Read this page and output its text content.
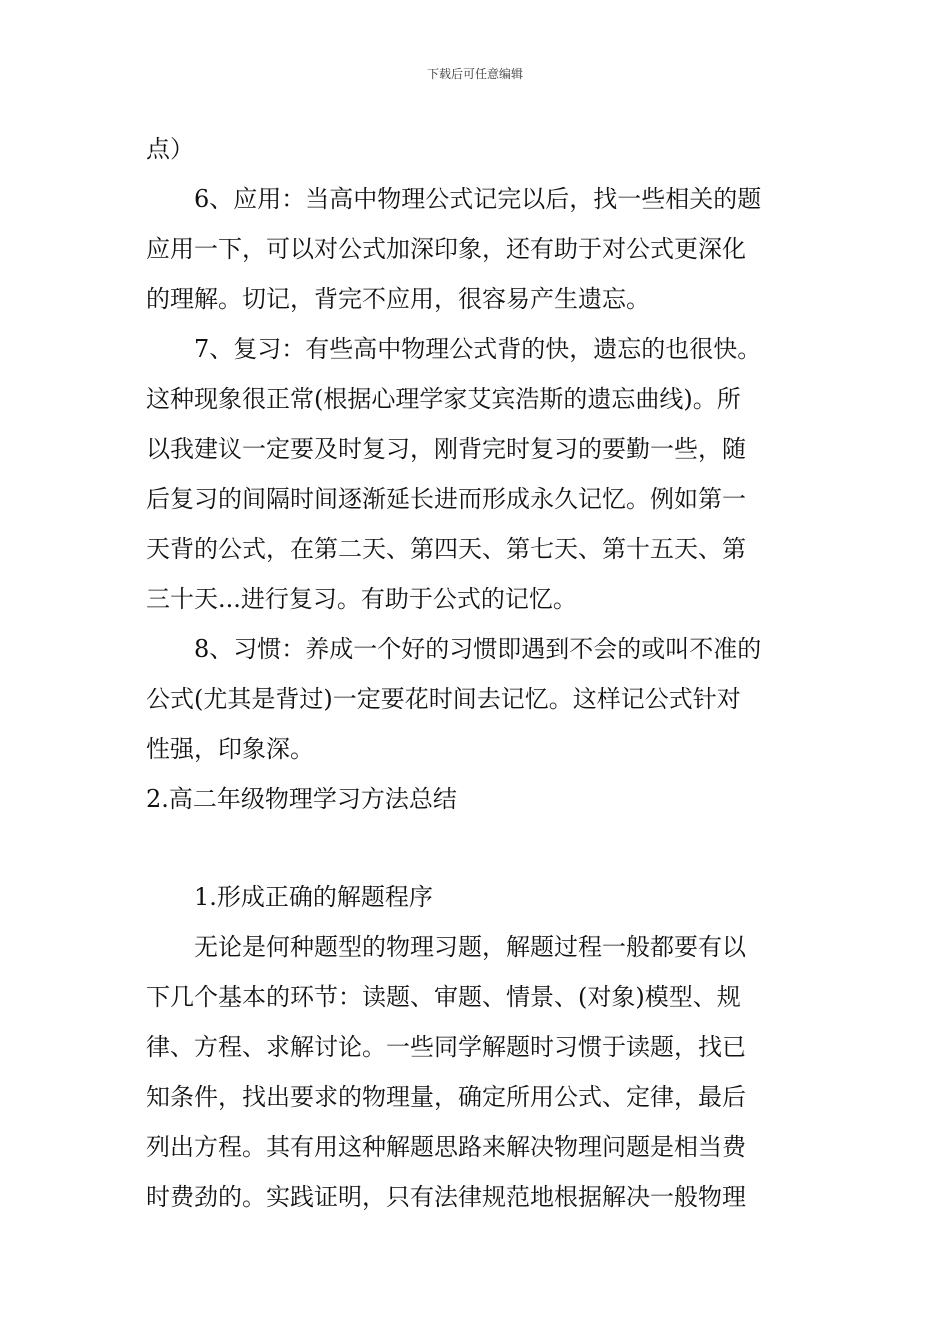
下载后可任意编辑
点）
6、应用：当高中物理公式记完以后，找一些相关的题
应用一下，可以对公式加深印象，还有助于对公式更深化
的理解。切记，背完不应用，很容易产生遗忘。
7、复习：有些高中物理公式背的快，遗忘的也很快。
这种现象很正常(根据心理学家艾宾浩斯的遗忘曲线)。所
以我建议一定要及时复习，刚背完时复习的要勤一些，随
后复习的间隔时间逐渐延长进而形成永久记忆。例如第一
天背的公式，在第二天、第四天、第七天、第十五天、第
三十天...进行复习。有助于公式的记忆。
8、习惯：养成一个好的习惯即遇到不会的或叫不准的
公式(尤其是背过)一定要花时间去记忆。这样记公式针对
性强，印象深。
2.高二年级物理学习方法总结
1.形成正确的解题程序
无论是何种题型的物理习题，解题过程一般都要有以
下几个基本的环节：读题、审题、情景、(对象)模型、规
律、方程、求解讨论。一些同学解题时习惯于读题，找已
知条件，找出要求的物理量，确定所用公式、定律，最后
列出方程。其有用这种解题思路来解决物理问题是相当费
时费劲的。实践证明，只有法律规范地根据解决一般物理
